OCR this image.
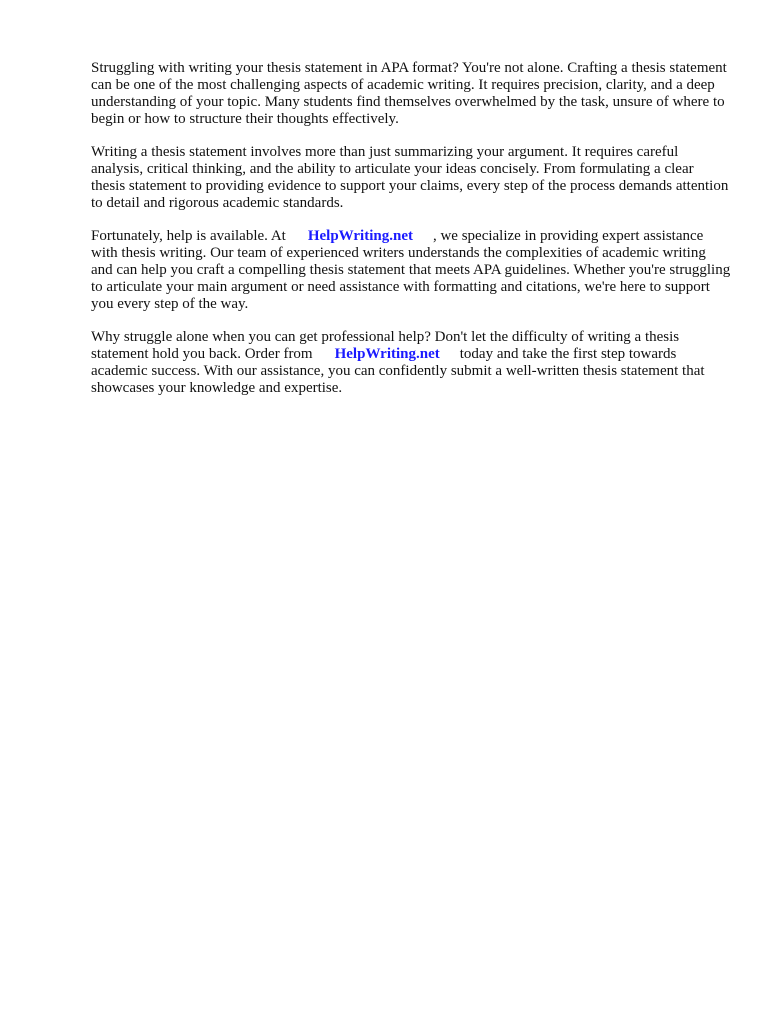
Struggling with writing your thesis statement in APA format? You're not alone. Crafting a thesis statement can be one of the most challenging aspects of academic writing. It requires precision, clarity, and a deep understanding of your topic. Many students find themselves overwhelmed by the task, unsure of where to begin or how to structure their thoughts effectively.

Writing a thesis statement involves more than just summarizing your argument. It requires careful analysis, critical thinking, and the ability to articulate your ideas concisely. From formulating a clear thesis statement to providing evidence to support your claims, every step of the process demands attention to detail and rigorous academic standards.

Fortunately, help is available. At HelpWriting.net , we specialize in providing expert assistance with thesis writing. Our team of experienced writers understands the complexities of academic writing and can help you craft a compelling thesis statement that meets APA guidelines. Whether you're struggling to articulate your main argument or need assistance with formatting and citations, we're here to support you every step of the way.

Why struggle alone when you can get professional help? Don't let the difficulty of writing a thesis statement hold you back. Order from HelpWriting.net today and take the first step towards academic success. With our assistance, you can confidently submit a well-written thesis statement that showcases your knowledge and expertise.
